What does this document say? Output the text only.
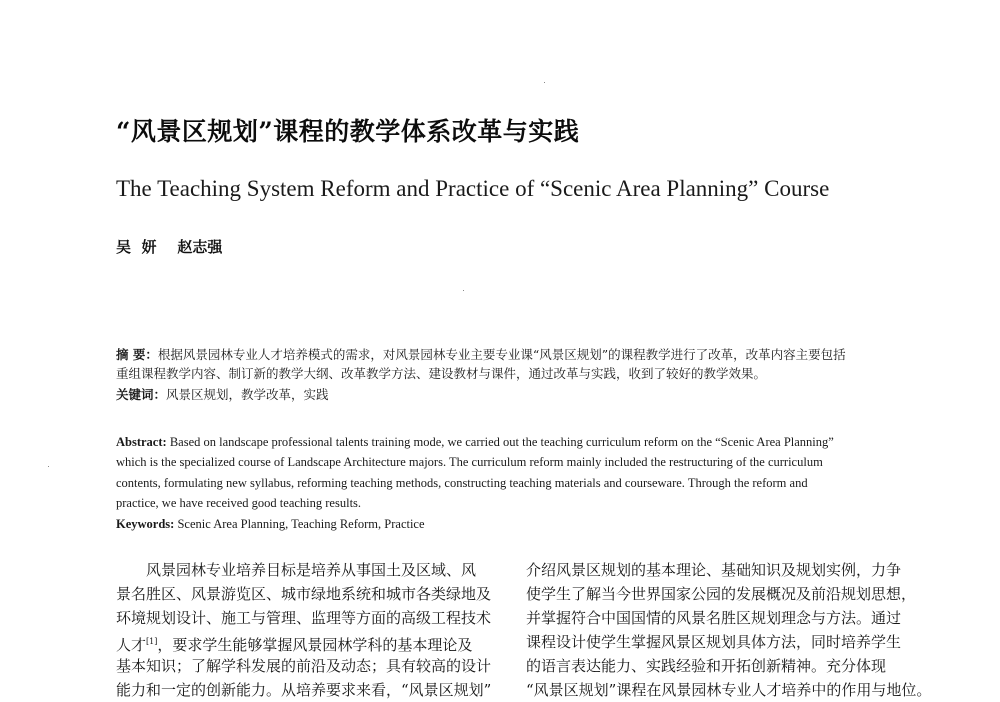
“风景区规划”课程的教学体系改革与实践
The Teaching System Reform and Practice of “Scenic Area Planning” Course
吴  妍    赵志强
摘 要：根据风景园林专业人才培养模式的需求，对风景园林专业主要专业课“风景区规划”的课程教学进行了改革，改革内容主要包括
重组课程教学内容、制订新的教学大纲、改革教学方法、建设教材与课件，通过改革与实践，收到了较好的教学效果。
关键词：风景区规划，教学改革，实践
Abstract: Based on landscape professional talents training mode, we carried out the teaching curriculum reform on the “Scenic Area Planning”
which is the specialized course of Landscape Architecture majors. The curriculum reform mainly included the restructuring of the curriculum
contents, formulating new syllabus, reforming teaching methods, constructing teaching materials and courseware. Through the reform and
practice, we have received good teaching results.
Keywords: Scenic Area Planning, Teaching Reform, Practice
风景园林专业培养目标是培养从事国土及区域、风
景名胜区、风景游览区、城市绿地系统和城市各类绿地及
环境规划设计、施工与管理、监理等方面的高级工程技术
人才[1]，要求学生能够掌握风景园林学科的基本理论及
基本知识；了解学科发展的前沿及动态；具有较高的设计
能力和一定的创新能力。从培养要求来看，“风景区规划”
介绍风景区规划的基本理论、基础知识及规划实例，力争
使学生了解当今世界国家公园的发展概况及前沿规划思想，
并掌握符合中国国情的风景名胜区规划理念与方法。通过
课程设计使学生掌握风景区规划具体方法，同时培养学生
的语言表达能力、实践经验和开拓创新精神。充分体现
“风景区规划”课程在风景园林专业人才培养中的作用与地位。
